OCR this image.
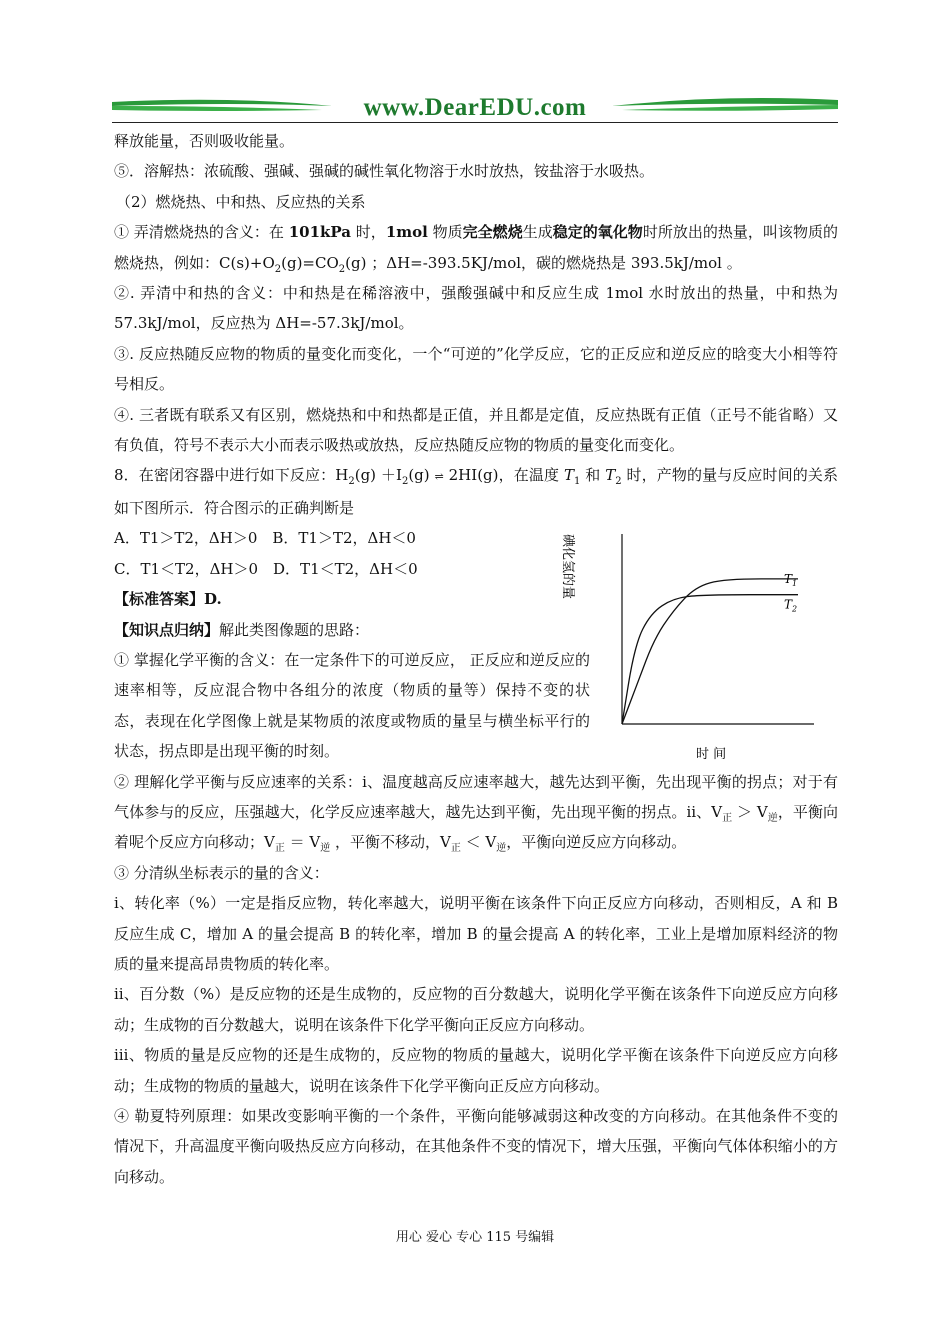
www.DearEDU.com

释放能量，否则吸收能量。

⑤．溶解热：浓硫酸、强碱、强碱的碱性氧化物溶于水时放热，铵盐溶于水吸热。

（2）燃烧热、中和热、反应热的关系

① 弄清燃烧热的含义：在 101kPa 时，1mol 物质完全燃烧生成稳定的氧化物时所放出的热量，叫该物质的燃烧热，例如：$C(s)+O_2(g)=CO_2(g)$ ；ΔH=-393.5KJ/mol，碳的燃烧热是 393.5kJ/mol 。

②. 弄清中和热的含义：中和热是在稀溶液中，强酸强碱中和反应生成 1mol 水时放出的热量，中和热为 57.3kJ/mol，反应热为 ΔH=-57.3kJ/mol。

③. 反应热随反应物的物质的量变化而变化，一个“可逆的”化学反应，它的正反应和逆反应的晗变大小相等符号相反。

④. 三者既有联系又有区别，燃烧热和中和热都是正值，并且都是定值，反应热既有正值（正号不能省略）又有负值，符号不表示大小而表示吸热或放热，反应热随反应物的物质的量变化而变化。

8．在密闭容器中进行如下反应：$H_2(g) +I_2(g)$ ⇌ 2HI(g)，在温度 $T_1$ 和 $T_2$ 时，产物的量与反应时间的关系如下图所示．符合图示的正确判断是

A．T1＞T2，ΔH＞0　B．T1＞T2，ΔH＜0

C．T1＜T2，ΔH＞0　D．T1＜T2，ΔH＜0

【标准答案】D.

【知识点归纳】解此类图像题的思路：

① 掌握化学平衡的含义：在一定条件下的可逆反应， 正反应和逆反应的速率相等，反应混合物中各组分的浓度（物质的量等）保持不变的状态，表现在化学图像上就是某物质的浓度或物质的量呈与横坐标平行的状态，拐点即是出现平衡的时刻。

② 理解化学平衡与反应速率的关系：ⅰ、温度越高反应速率越大，越先达到平衡，先出现平衡的拐点；对于有气体参与的反应，压强越大，化学反应速率越大，越先达到平衡，先出现平衡的拐点。ⅱ、$V_正 > V_逆$，平衡向着呢个反应方向移动；$V_正 = V_逆$ ，平衡不移动，$V_正 < V_逆$，平衡向逆反应方向移动。

③ 分清纵坐标表示的量的含义：

ⅰ、转化率（%）一定是指反应物，转化率越大，说明平衡在该条件下向正反应方向移动，否则相反，A 和 B 反应生成 C，增加 A 的量会提高 B 的转化率，增加 B 的量会提高 A 的转化率，工业上是增加原料经济的物质的量来提高昂贵物质的转化率。

ⅱ、百分数（%）是反应物的还是生成物的，反应物的百分数越大，说明化学平衡在该条件下向逆反应方向移动；生成物的百分数越大，说明在该条件下化学平衡向正反应方向移动。

ⅲ、物质的量是反应物的还是生成物的，反应物的物质的量越大，说明化学平衡在该条件下向逆反应方向移动；生成物的物质的量越大，说明在该条件下化学平衡向正反应方向移动。

④ 勒夏特列原理：如果改变影响平衡的一个条件，平衡向能够减弱这种改变的方向移动。在其他条件不变的情况下，升高温度平衡向吸热反应方向移动，在其他条件不变的情况下，增大压强，平衡向气体体积缩小的方向移动。

碘化氢的量
时 间
$T_1$
$T_2$
用心 爱心 专心 115 号编辑
